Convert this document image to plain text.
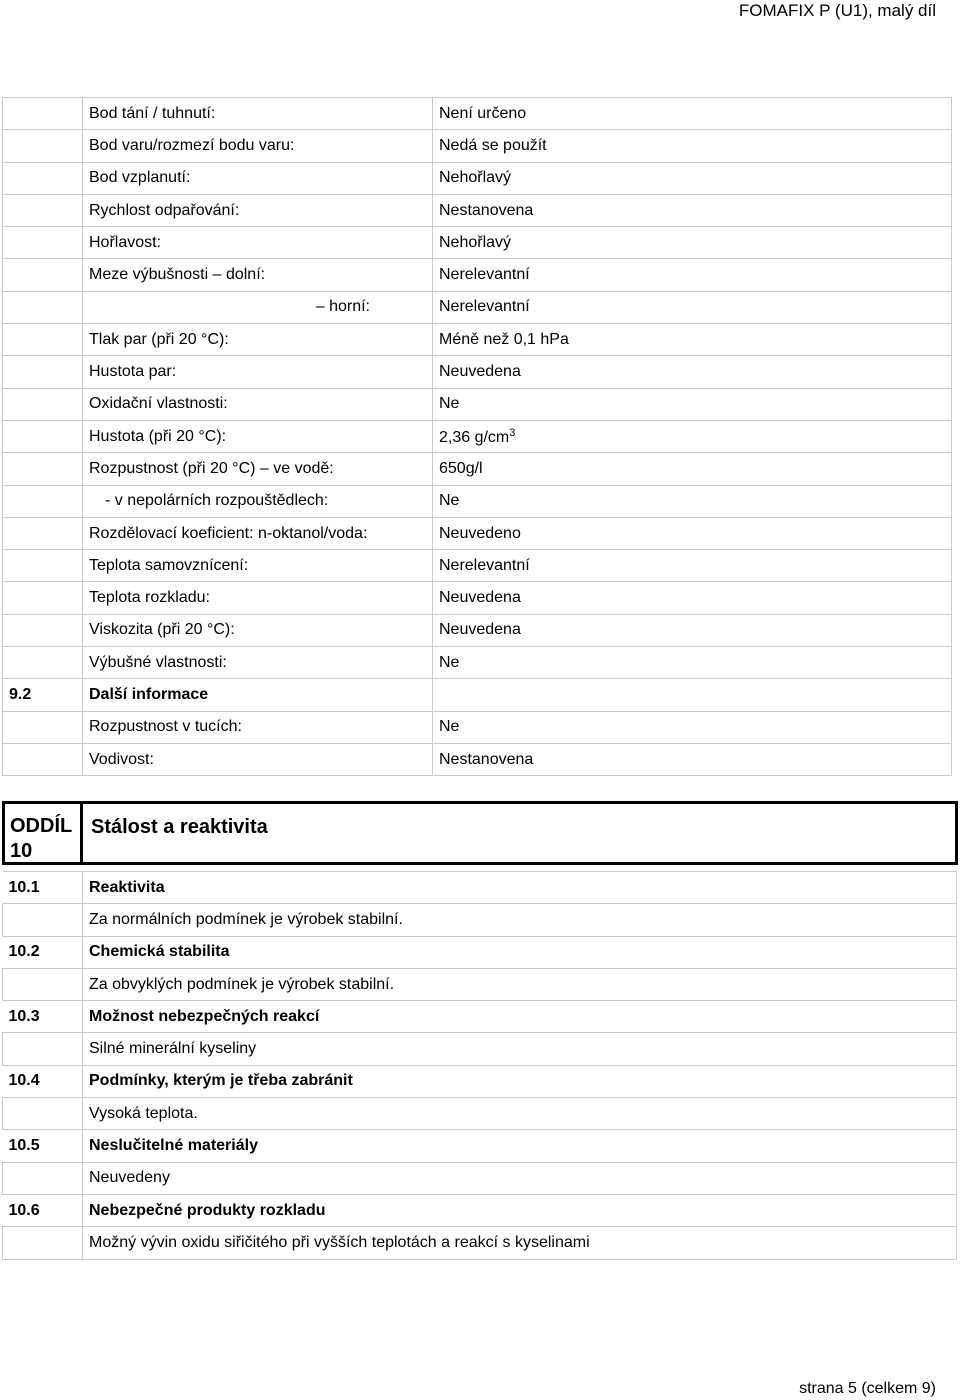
FOMAFIX P (U1), malý díl
	Bod tání / tuhnutí:	Není určeno
	Bod varu/rozmezí bodu varu:	Nedá se použít
	Bod vzplanutí:	Nehořlavý
	Rychlost odpařování:	Nestanovena
	Hořlavost:	Nehořlavý
	Meze výbušnosti – dolní:	Nerelevantní
	– horní:	Nerelevantní
	Tlak par (při 20 °C):	Méně než 0,1 hPa
	Hustota par:	Neuvedena
	Oxidační vlastnosti:	Ne
	Hustota (při 20 °C):	2,36 $g/cm^3$
	Rozpustnost (při 20 °C) – ve vodě:	650g/l
	- v nepolárních rozpouštědlech:	Ne
	Rozdělovací koeficient: n-oktanol/voda:	Neuvedeno
	Teplota samovznícení:	Nerelevantní
	Teplota rozkladu:	Neuvedena
	Viskozita (při 20 °C):	Neuvedena
	Výbušné vlastnosti:	Ne
9.2	Další informace	
	Rozpustnost v tucích:	Ne
	Vodivost:	Nestanovena
ODDÍL 10
Stálost a reaktivita
10.1	Reaktivita
	Za normálních podmínek je výrobek stabilní.
10.2	Chemická stabilita
	Za obvyklých podmínek je výrobek stabilní.
10.3	Možnost nebezpečných reakcí
	Silné minerální kyseliny
10.4	Podmínky, kterým je třeba zabránit
	Vysoká teplota.
10.5	Neslučitelné materiály
	Neuvedeny
10.6	Nebezpečné produkty rozkladu
	Možný vývin oxidu siřičitého při vyšších teplotách a reakcí s kyselinami
strana 5 (celkem 9)
